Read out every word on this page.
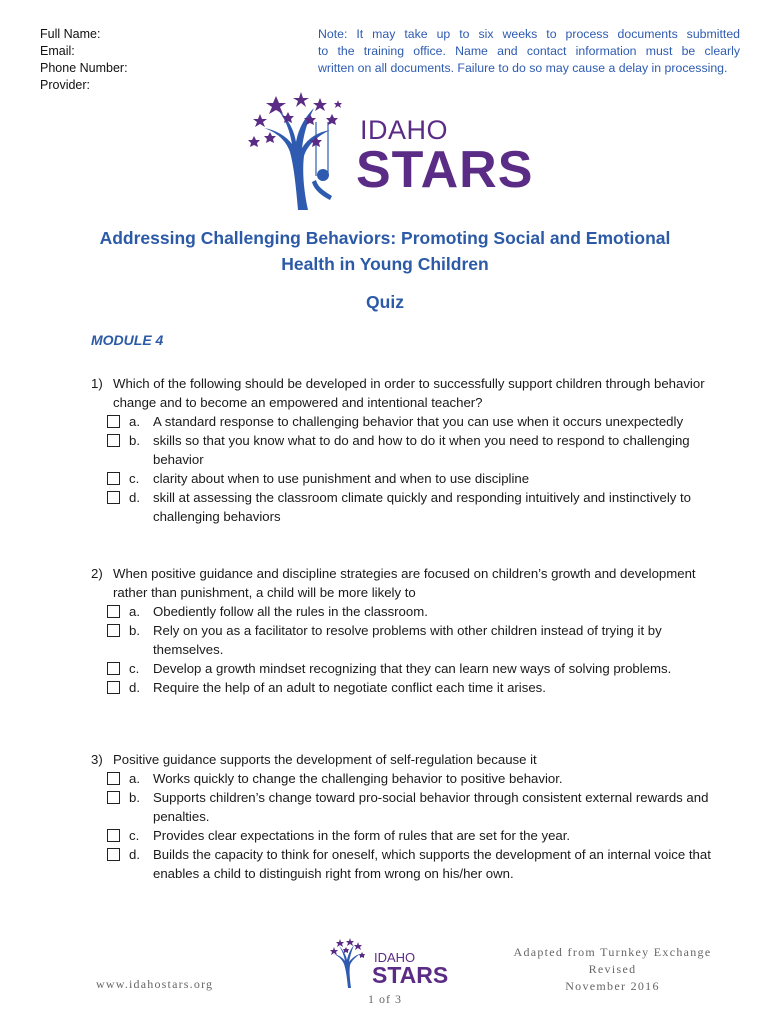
Full Name:
Email:
Phone Number:
Provider:
Note: It may take up to six weeks to process documents submitted
to the training office. Name and contact information must be clearly
written on all documents. Failure to do so may cause a delay in processing.
IDAHO
STARS
Addressing Challenging Behaviors: Promoting Social and Emotional
Health in Young Children
Quiz
MODULE 4
1) Which of the following should be developed in order to successfully support children through behavior change and to become an empowered and intentional teacher?
a. A standard response to challenging behavior that you can use when it occurs unexpectedly
b. skills so that you know what to do and how to do it when you need to respond to challenging behavior
c.	clarity about when to use punishment and when to use discipline
d. skill at assessing the classroom climate quickly and responding intuitively and instinctively to challenging behaviors
2) When positive guidance and discipline strategies are focused on children’s growth and development rather than punishment, a child will be more likely to
a. Obediently follow all the rules in the classroom.
b. Rely on you as a facilitator to resolve problems with other children instead of trying it by themselves.
c.	Develop a growth mindset recognizing that they can learn new ways of solving problems.
d. Require the help of an adult to negotiate conflict each time it arises.
3) Positive guidance supports the development of self-regulation because it
a. Works quickly to change the challenging behavior to positive behavior.
b. Supports children’s change toward pro-social behavior through consistent external rewards and penalties.
c.	Provides clear expectations in the form of rules that are set for the year.
d. Builds the capacity to think for oneself, which supports the development of an internal voice that enables a child to distinguish right from wrong on his/her own.
www.idahostars.org
IDAHO
STARS
1 of 3
Adapted from Turnkey Exchange
Revised
November 2016
